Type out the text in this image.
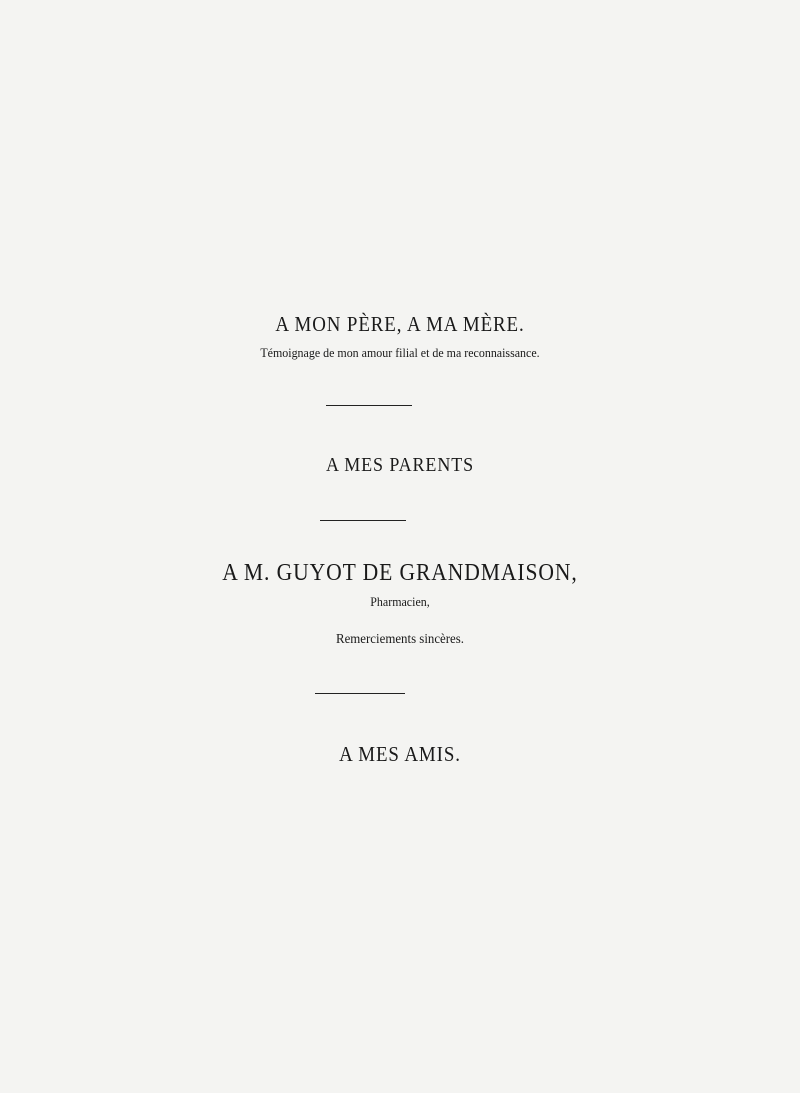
A MON PÈRE, A MA MÈRE.
Témoignage de mon amour filial et de ma reconnaissance.
A MES PARENTS
A M. GUYOT DE GRANDMAISON,
Pharmacien,
Remerciements sincères.
A MES AMIS.
